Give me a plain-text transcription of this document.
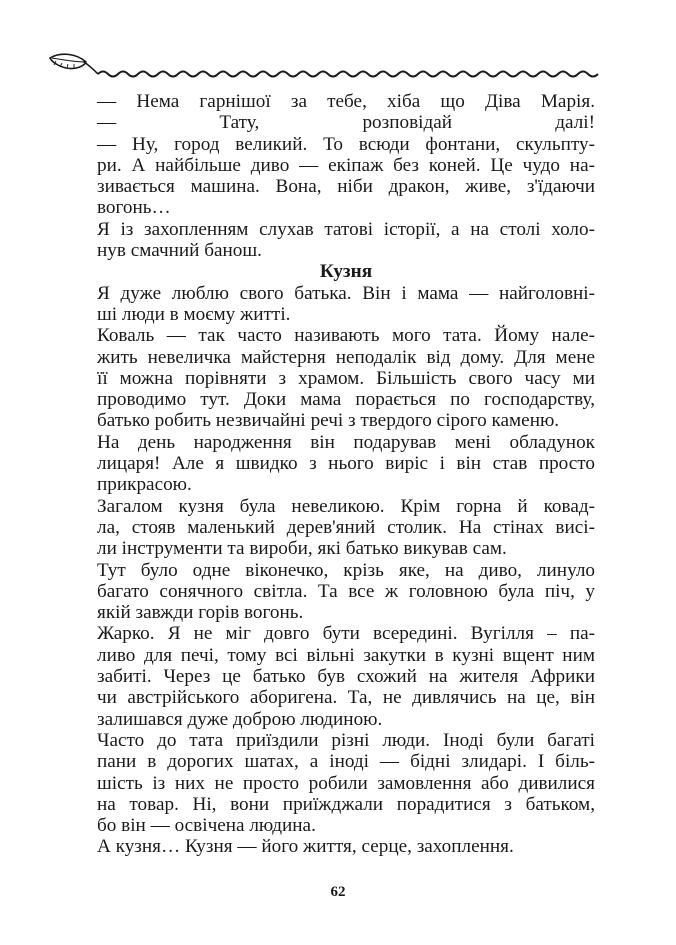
— Нема гарнішої за тебе, хіба що Діва Марія.
— Тату, розповідай далі!
— Ну, город великий. То всюди фонтани, скульпту-
ри. А найбільше диво — екіпаж без коней. Це чудо на-
зивається машина. Вона, ніби дракон, живе, з'їдаючи
вогонь…
Я із захопленням слухав татові історії, а на столі холо-
нув смачний банош.
Кузня
Я дуже люблю свого батька. Він і мама — найголовні-
ші люди в моєму житті.
Коваль — так часто називають мого тата. Йому нале-
жить невеличка майстерня неподалік від дому. Для мене
її можна порівняти з храмом. Більшість свого часу ми
проводимо тут. Доки мама порається по господарству,
батько робить незвичайні речі з твердого сірого каменю.
На день народження він подарував мені обладунок
лицаря! Але я швидко з нього виріс і він став просто
прикрасою.
Загалом кузня була невеликою. Крім горна й ковад-
ла, стояв маленький дерев'яний столик. На стінах висі-
ли інструменти та вироби, які батько викував сам.
Тут було одне віконечко, крізь яке, на диво, линуло
багато сонячного світла. Та все ж головною була піч, у
якій завжди горів вогонь.
Жарко. Я не міг довго бути всередині. Вугілля – па-
ливо для печі, тому всі вільні закутки в кузні вщент ним
забиті. Через це батько був схожий на жителя Африки
чи австрійського аборигена. Та, не дивлячись на це, він
залишався дуже доброю людиною.
Часто до тата приїздили різні люди. Іноді були багаті
пани в дорогих шатах, а іноді — бідні злидарі. І біль-
шість із них не просто робили замовлення або дивилися
на товар. Ні, вони приїжджали порадитися з батьком,
бо він — освічена людина.
А кузня… Кузня — його життя, серце, захоплення.
62
